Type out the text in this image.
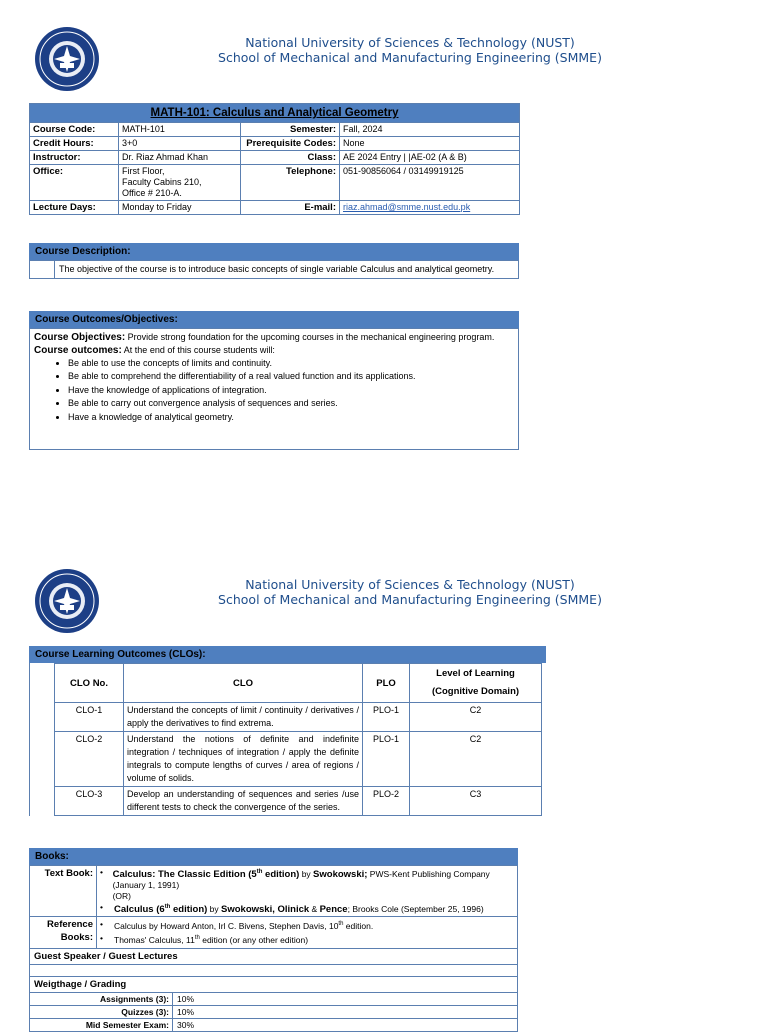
National University of Sciences & Technology (NUST)
School of Mechanical and Manufacturing Engineering (SMME)
MATH-101: Calculus and Analytical Geometry			
Course Code:	MATH-101	Semester:	Fall, 2024
Credit Hours:	3+0	Prerequisite Codes:	None
Instructor:	Dr. Riaz Ahmad Khan	Class:	AE 2024 Entry | |AE-02 (A & B)
Office:	First Floor,
Faculty Cabins 210,
Office # 210-A.	Telephone:	051-90856064 / 03149919125
Lecture Days:	Monday to Friday	E-mail:	riaz.ahmad@smme.nust.edu.pk
Course Description:
The objective of the course is to introduce basic concepts of single variable Calculus and analytical geometry.
Course Outcomes/Objectives:
Course Objectives: Provide strong foundation for the upcoming courses in the mechanical engineering program.
Course outcomes: At the end of this course students will:
• Be able to use the concepts of limits and continuity.
• Be able to comprehend the differentiability of a real valued function and its applications.
• Have the knowledge of applications of integration.
• Be able to carry out convergence analysis of sequences and series.
• Have a knowledge of analytical geometry.
National University of Sciences & Technology (NUST)
School of Mechanical and Manufacturing Engineering (SMME)
Course Learning Outcomes (CLOs):
CLO No.	CLO	PLO	Level of Learning
(Cognitive Domain)

CLO-1	Understand the concepts of limit / continuity / derivatives / apply the derivatives to find extrema.	PLO-1	C2
CLO-2	Understand the notions of definite and indefinite integration / techniques of integration / apply the definite integrals to compute lengths of curves / area of regions / volume of solids.	PLO-1	C2
CLO-3	Develop an understanding of sequences and series /use different tests to check the convergence of the series.	PLO-2	C3
Books:
Text Book: •	Calculus: The Classic Edition (5th edition) by Swokowski; PWS-Kent Publishing Company (January 1, 1991)
(OR)
•	Calculus (6th edition) by Swokowski, Olinick & Pence; Brooks Cole (September 25, 1996)
Reference
Books:
•	Calculus by Howard Anton, Irl C. Bivens, Stephen Davis, 10th edition.
•	Thomas' Calculus, 11th edition (or any other edition)
Guest Speaker / Guest Lectures
Weigthage / Grading
Assignments (3): 10%
Quizzes (3): 10%
Mid Semester Exam: 30%
